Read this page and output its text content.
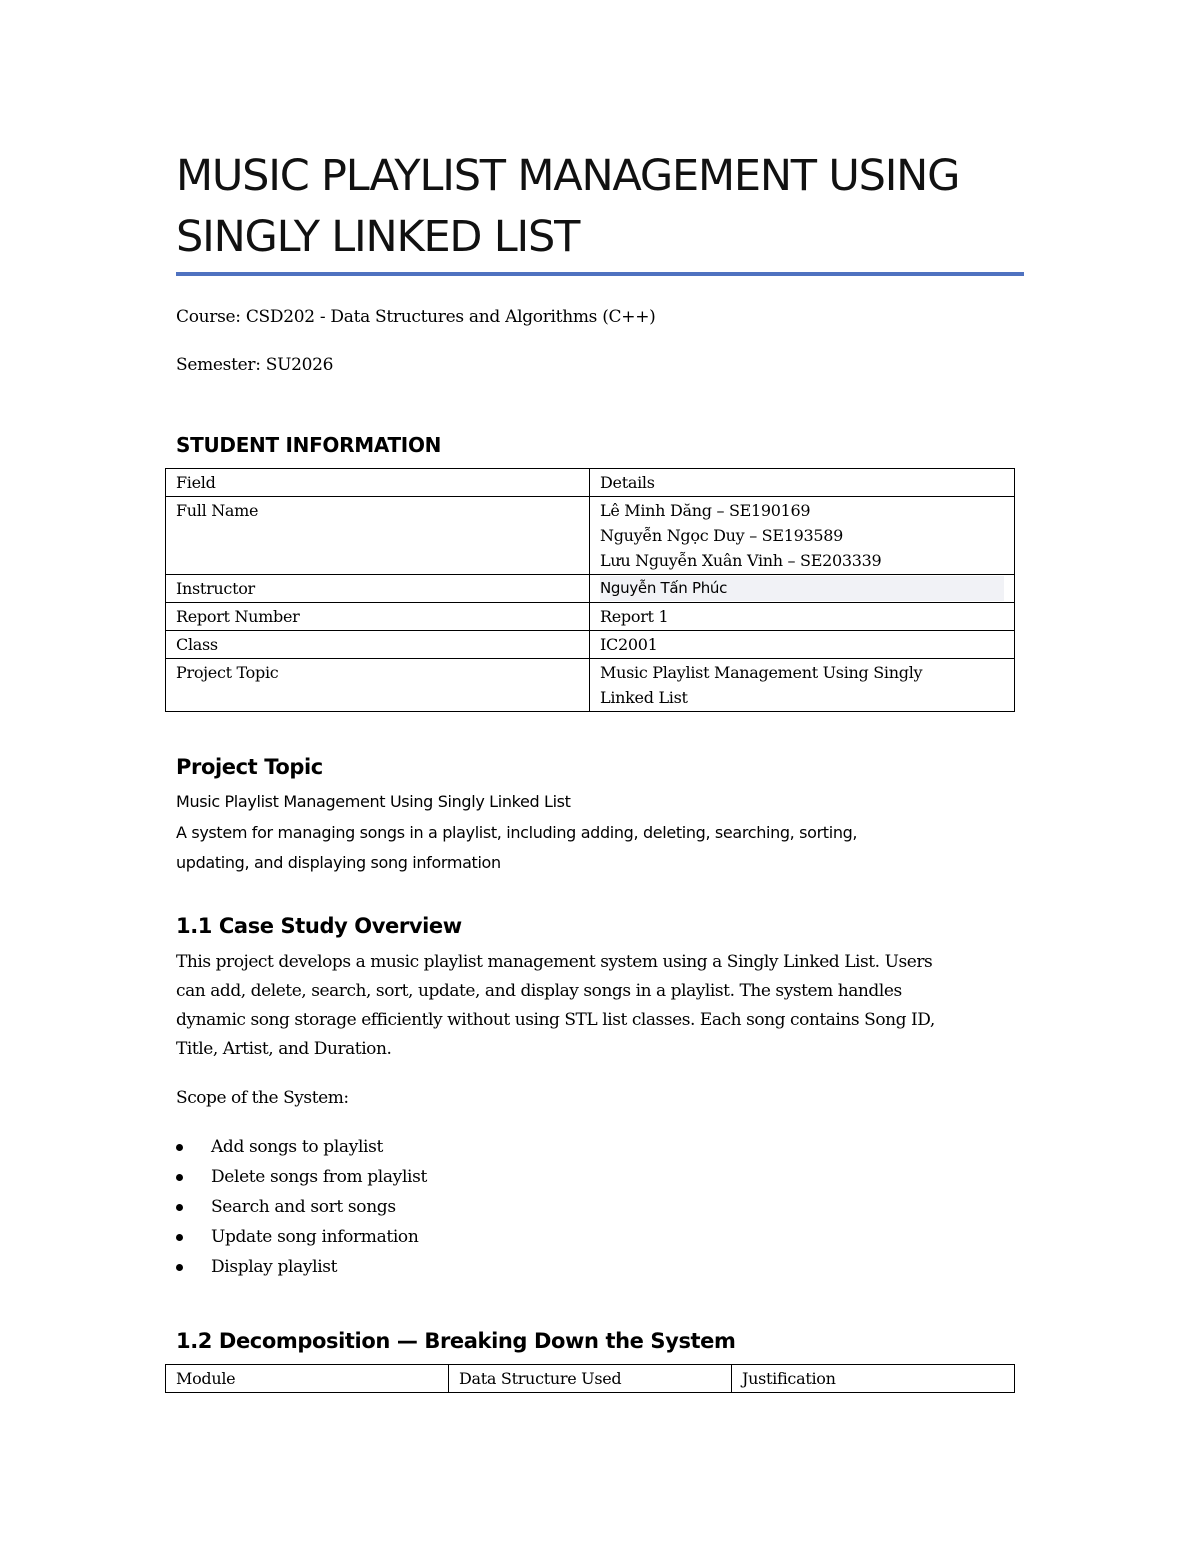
MUSIC PLAYLIST MANAGEMENT USING
SINGLY LINKED LIST

Course: CSD202 - Data Structures and Algorithms (C++)

Semester: SU2026

STUDENT INFORMATION
Field	Details

Full Name	Lê Minh Dăng – SE190169
Nguyễn Ngọc Duy – SE193589
Lưu Nguyễn Xuân Vinh – SE203339

Instructor	Nguyễn Tấn Phúc

Report Number	Report 1

Class	IC2001

Project Topic	Music Playlist Management Using Singly
Linked List
Project Topic

Music Playlist Management Using Singly Linked List

A system for managing songs in a playlist, including adding, deleting, searching, sorting,
updating, and displaying song information

1.1 Case Study Overview

This project develops a music playlist management system using a Singly Linked List. Users
can add, delete, search, sort, update, and display songs in a playlist. The system handles
dynamic song storage efficiently without using STL list classes. Each song contains Song ID,
Title, Artist, and Duration.

Scope of the System:

Add songs to playlist
Delete songs from playlist
Search and sort songs
Update song information
Display playlist
1.2 Decomposition — Breaking Down the System
Module	Data Structure Used	Justification
